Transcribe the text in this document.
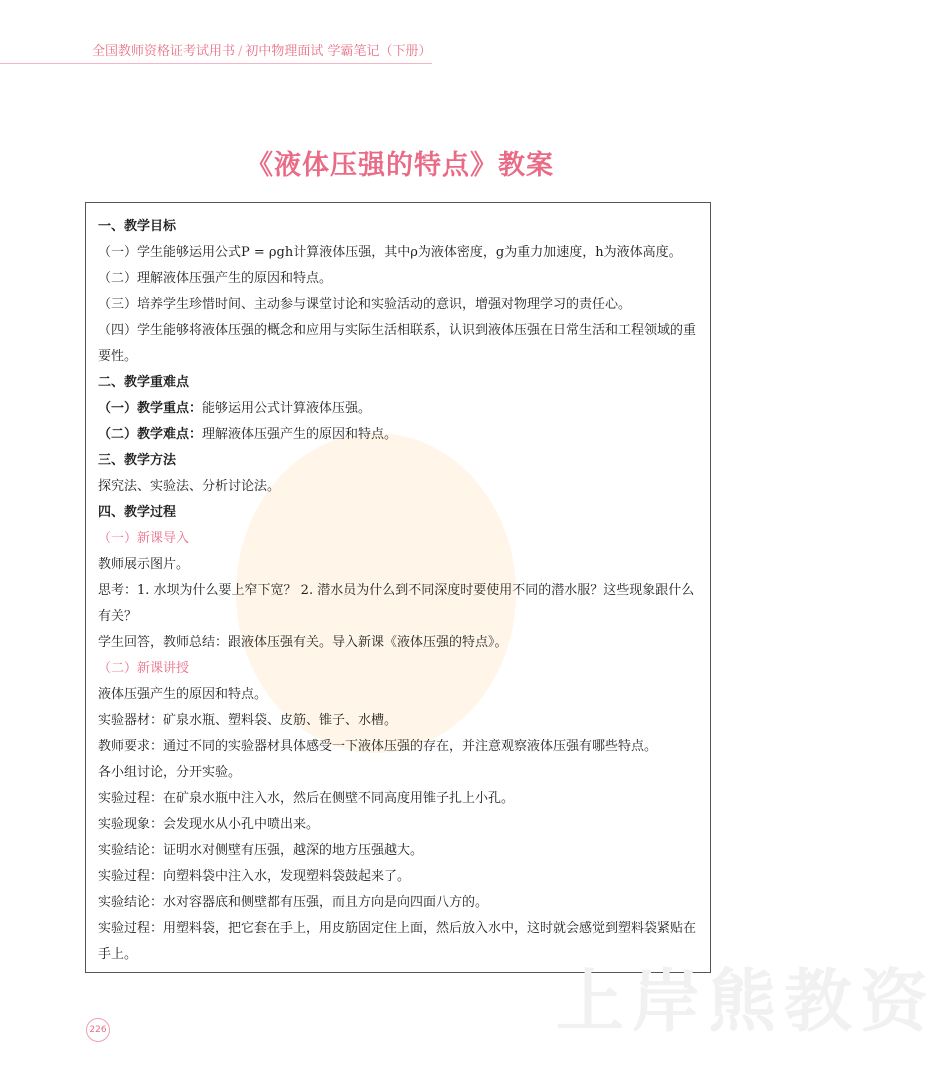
全国教师资格证考试用书 ∕ 初中物理面试 学霸笔记（下册）
《液体压强的特点》教案
上岸熊教资
一、教学目标
（一）学生能够运用公式P = ρgh计算液体压强，其中ρ为液体密度，g为重力加速度，h为液体高度。
（二）理解液体压强产生的原因和特点。
（三）培养学生珍惜时间、主动参与课堂讨论和实验活动的意识，增强对物理学习的责任心。
（四）学生能够将液体压强的概念和应用与实际生活相联系，认识到液体压强在日常生活和工程领域的重要性。
二、教学重难点
（一）教学重点：能够运用公式计算液体压强。
（二）教学难点：理解液体压强产生的原因和特点。
三、教学方法
探究法、实验法、分析讨论法。
四、教学过程
（一）新课导入
教师展示图片。
思考：1. 水坝为什么要上窄下宽？ 2. 潜水员为什么到不同深度时要使用不同的潜水服？这些现象跟什么有关？
学生回答，教师总结：跟液体压强有关。导入新课《液体压强的特点》。
（二）新课讲授
液体压强产生的原因和特点。
实验器材：矿泉水瓶、塑料袋、皮筋、锥子、水槽。
教师要求：通过不同的实验器材具体感受一下液体压强的存在，并注意观察液体压强有哪些特点。
各小组讨论，分开实验。
实验过程：在矿泉水瓶中注入水，然后在侧壁不同高度用锥子扎上小孔。
实验现象：会发现水从小孔中喷出来。
实验结论：证明水对侧壁有压强，越深的地方压强越大。
实验过程：向塑料袋中注入水，发现塑料袋鼓起来了。
实验结论：水对容器底和侧壁都有压强，而且方向是向四面八方的。
实验过程：用塑料袋，把它套在手上，用皮筋固定住上面，然后放入水中，这时就会感觉到塑料袋紧贴在手上。
226
